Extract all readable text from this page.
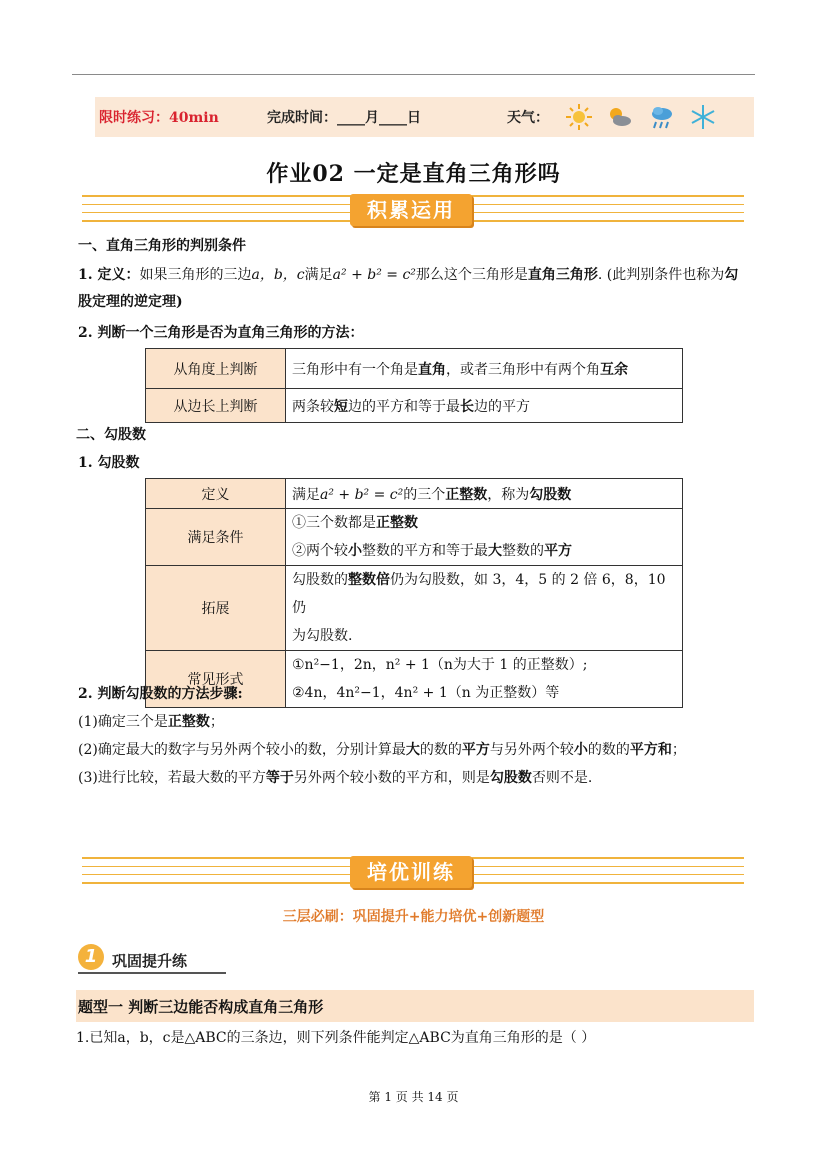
限时练习：40min	完成时间：____月____日	天气：
作业02 一定是直角三角形吗
积累运用
一、直角三角形的判别条件
1. 定义：如果三角形的三边a，b，c满足a² + b² = c²那么这个三角形是直角三角形. (此判别条件也称为勾
股定理的逆定理)
2. 判断一个三角形是否为直角三角形的方法：
从角度上判断	三角形中有一个角是直角，或者三角形中有两个角互余
从边长上判断	两条较短边的平方和等于最长边的平方
二、勾股数
1. 勾股数
定义	满足a² + b² = c²的三个正整数，称为勾股数
满足条件	①三个数都是正整数
②两个较小整数的平方和等于最大整数的平方
拓展	勾股数的整数倍仍为勾股数，如 3，4，5 的 2 倍 6，8，10 仍
为勾股数.
常见形式	①n²−1，2n，n² + 1（n为大于 1 的正整数）;
②4n，4n²−1，4n² + 1（n 为正整数）等
2. 判断勾股数的方法步骤:
(1)确定三个是正整数；
(2)确定最大的数字与另外两个较小的数，分别计算最大的数的平方与另外两个较小的数的平方和；
(3)进行比较，若最大数的平方等于另外两个较小数的平方和，则是勾股数否则不是.
培优训练
三层必刷：巩固提升+能力培优+创新题型
1 巩固提升练
题型一 判断三边能否构成直角三角形
1.已知a，b，c是△ABC的三条边，则下列条件能判定△ABC为直角三角形的是（ ）
第 1 页 共 14 页
